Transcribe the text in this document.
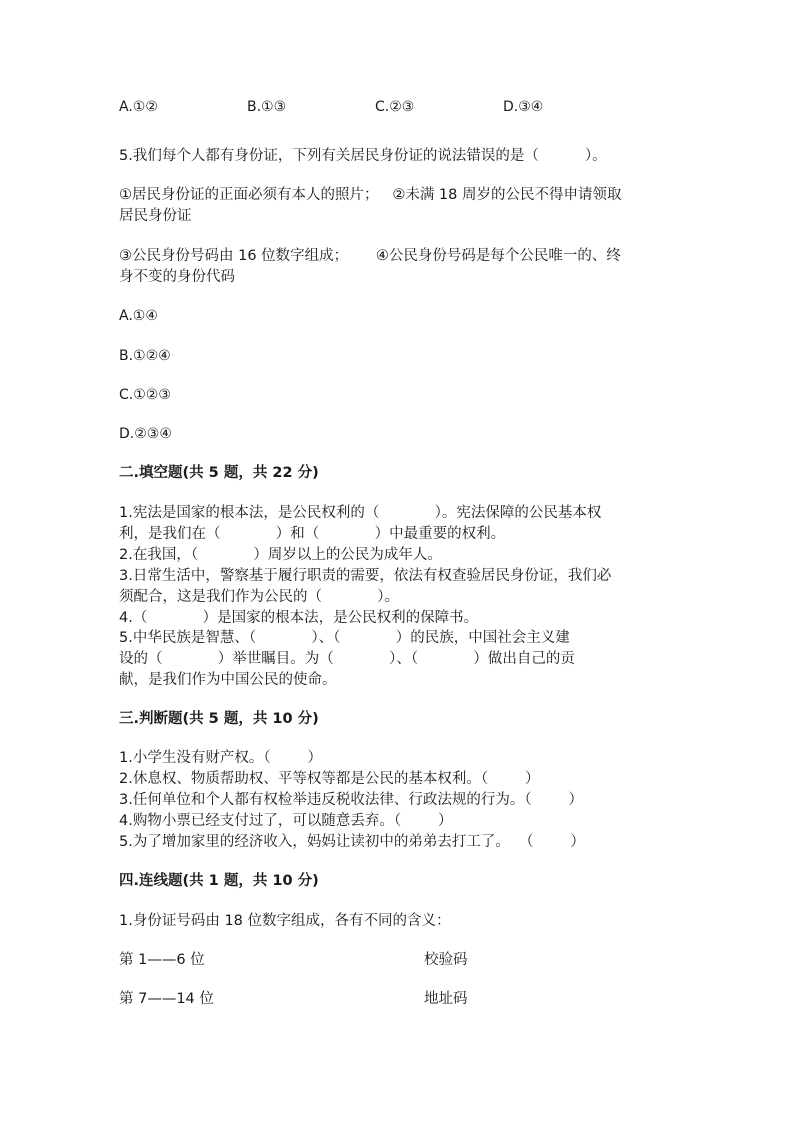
A.①②	B.①③	C.②③	D.③④
5.我们每个人都有身份证，下列有关居民身份证的说法错误的是（          ）。
①居民身份证的正面必须有本人的照片；   ②未满 18 周岁的公民不得申请领取
居民身份证
③公民身份号码由 16 位数字组成；      ④公民身份号码是每个公民唯一的、终
身不变的身份代码
A.①④
B.①②④
C.①②③
D.②③④
二.填空题(共 5 题，共 22 分)
1.宪法是国家的根本法，是公民权利的（            ）。宪法保障的公民基本权
利，是我们在（            ）和（            ）中最重要的权利。
2.在我国，（            ）周岁以上的公民为成年人。
3.日常生活中，警察基于履行职责的需要，依法有权查验居民身份证，我们必
须配合，这是我们作为公民的（            ）。
4.（            ）是国家的根本法，是公民权利的保障书。
5.中华民族是智慧、（            ）、（            ）的民族，中国社会主义建
设的（            ）举世瞩目。为（            ）、（            ）做出自己的贡
献，是我们作为中国公民的使命。
三.判断题(共 5 题，共 10 分)
1.小学生没有财产权。（        ）
2.休息权、物质帮助权、平等权等都是公民的基本权利。（        ）
3.任何单位和个人都有权检举违反税收法律、行政法规的行为。（        ）
4.购物小票已经支付过了，可以随意丢弃。（        ）
5.为了增加家里的经济收入，妈妈让读初中的弟弟去打工了。  （        ）
四.连线题(共 1 题，共 10 分)
1.身份证号码由 18 位数字组成，各有不同的含义：
第 1——6 位	校验码
第 7——14 位	地址码
